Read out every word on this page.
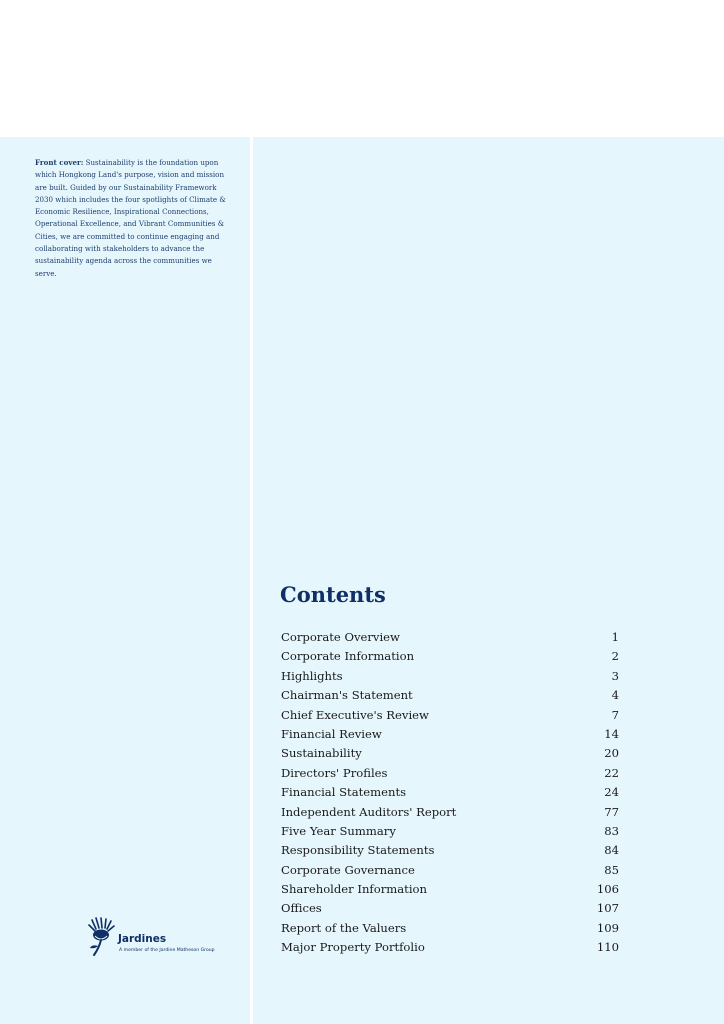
Front cover: Sustainability is the foundation upon which Hongkong Land's purpose, vision and mission are built. Guided by our Sustainability Framework 2030 which includes the four spotlights of Climate & Economic Resilience, Inspirational Connections, Operational Excellence, and Vibrant Communities & Cities, we are committed to continue engaging and collaborating with stakeholders to advance the sustainability agenda across the communities we serve.
Contents
Corporate Overview	1
Corporate Information	2
Highlights	3
Chairman's Statement	4
Chief Executive's Review	7
Financial Review	14
Sustainability	20
Directors' Profiles	22
Financial Statements	24
Independent Auditors' Report	77
Five Year Summary	83
Responsibility Statements	84
Corporate Governance	85
Shareholder Information	106
Offices	107
Report of the Valuers	109
Major Property Portfolio	110
Jardines
A member of the Jardine Matheson Group
